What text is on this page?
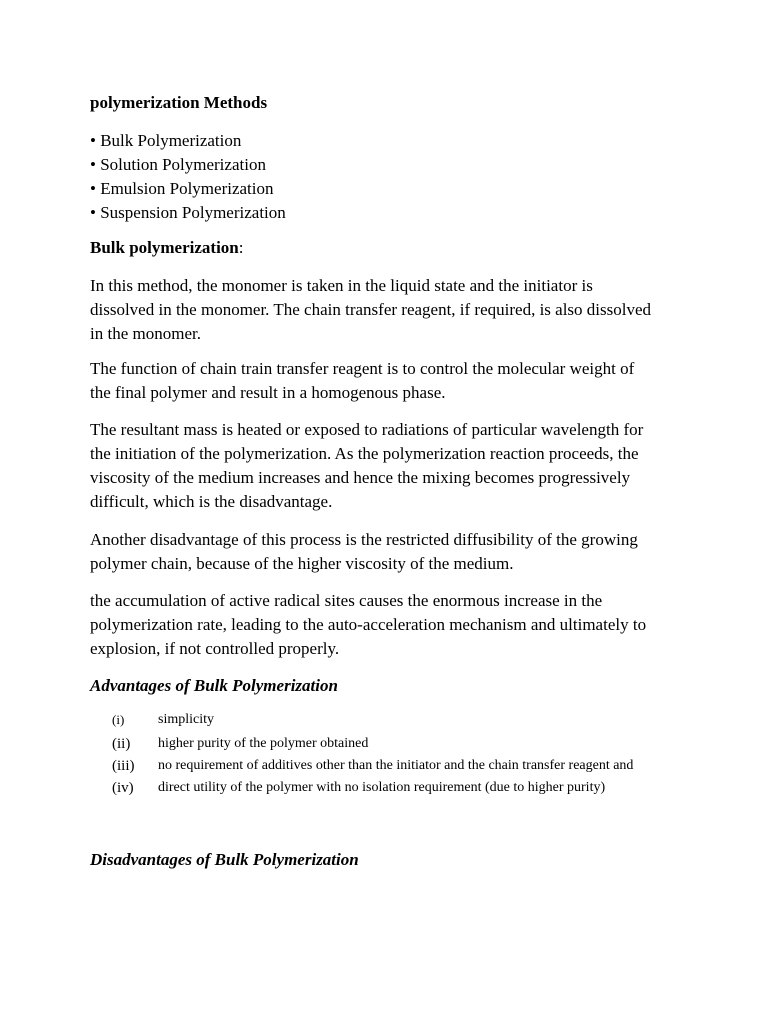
polymerization Methods
• Bulk Polymerization
• Solution Polymerization
• Emulsion Polymerization
• Suspension Polymerization
Bulk polymerization:
In this method, the monomer is taken in the liquid state and the initiator is
dissolved in the monomer. The chain transfer reagent, if required, is also dissolved
in the monomer.
The function of chain train transfer reagent is to control the molecular weight of
the final polymer and result in a homogenous phase.
The resultant mass is heated or exposed to radiations of particular wavelength for
the initiation of the polymerization. As the polymerization reaction proceeds, the
viscosity of the medium increases and hence the mixing becomes progressively
difficult, which is the disadvantage.
Another disadvantage of this process is the restricted diffusibility of the growing
polymer chain, because of the higher viscosity of the medium.
the accumulation of active radical sites causes the enormous increase in the
polymerization rate, leading to the auto-acceleration mechanism and ultimately to
explosion, if not controlled properly.
Advantages of Bulk Polymerization
(i) simplicity
(ii) higher purity of the polymer obtained
(iii) no requirement of additives other than the initiator and the chain transfer reagent and
(iv) direct utility of the polymer with no isolation requirement (due to higher purity)
Disadvantages of Bulk Polymerization
